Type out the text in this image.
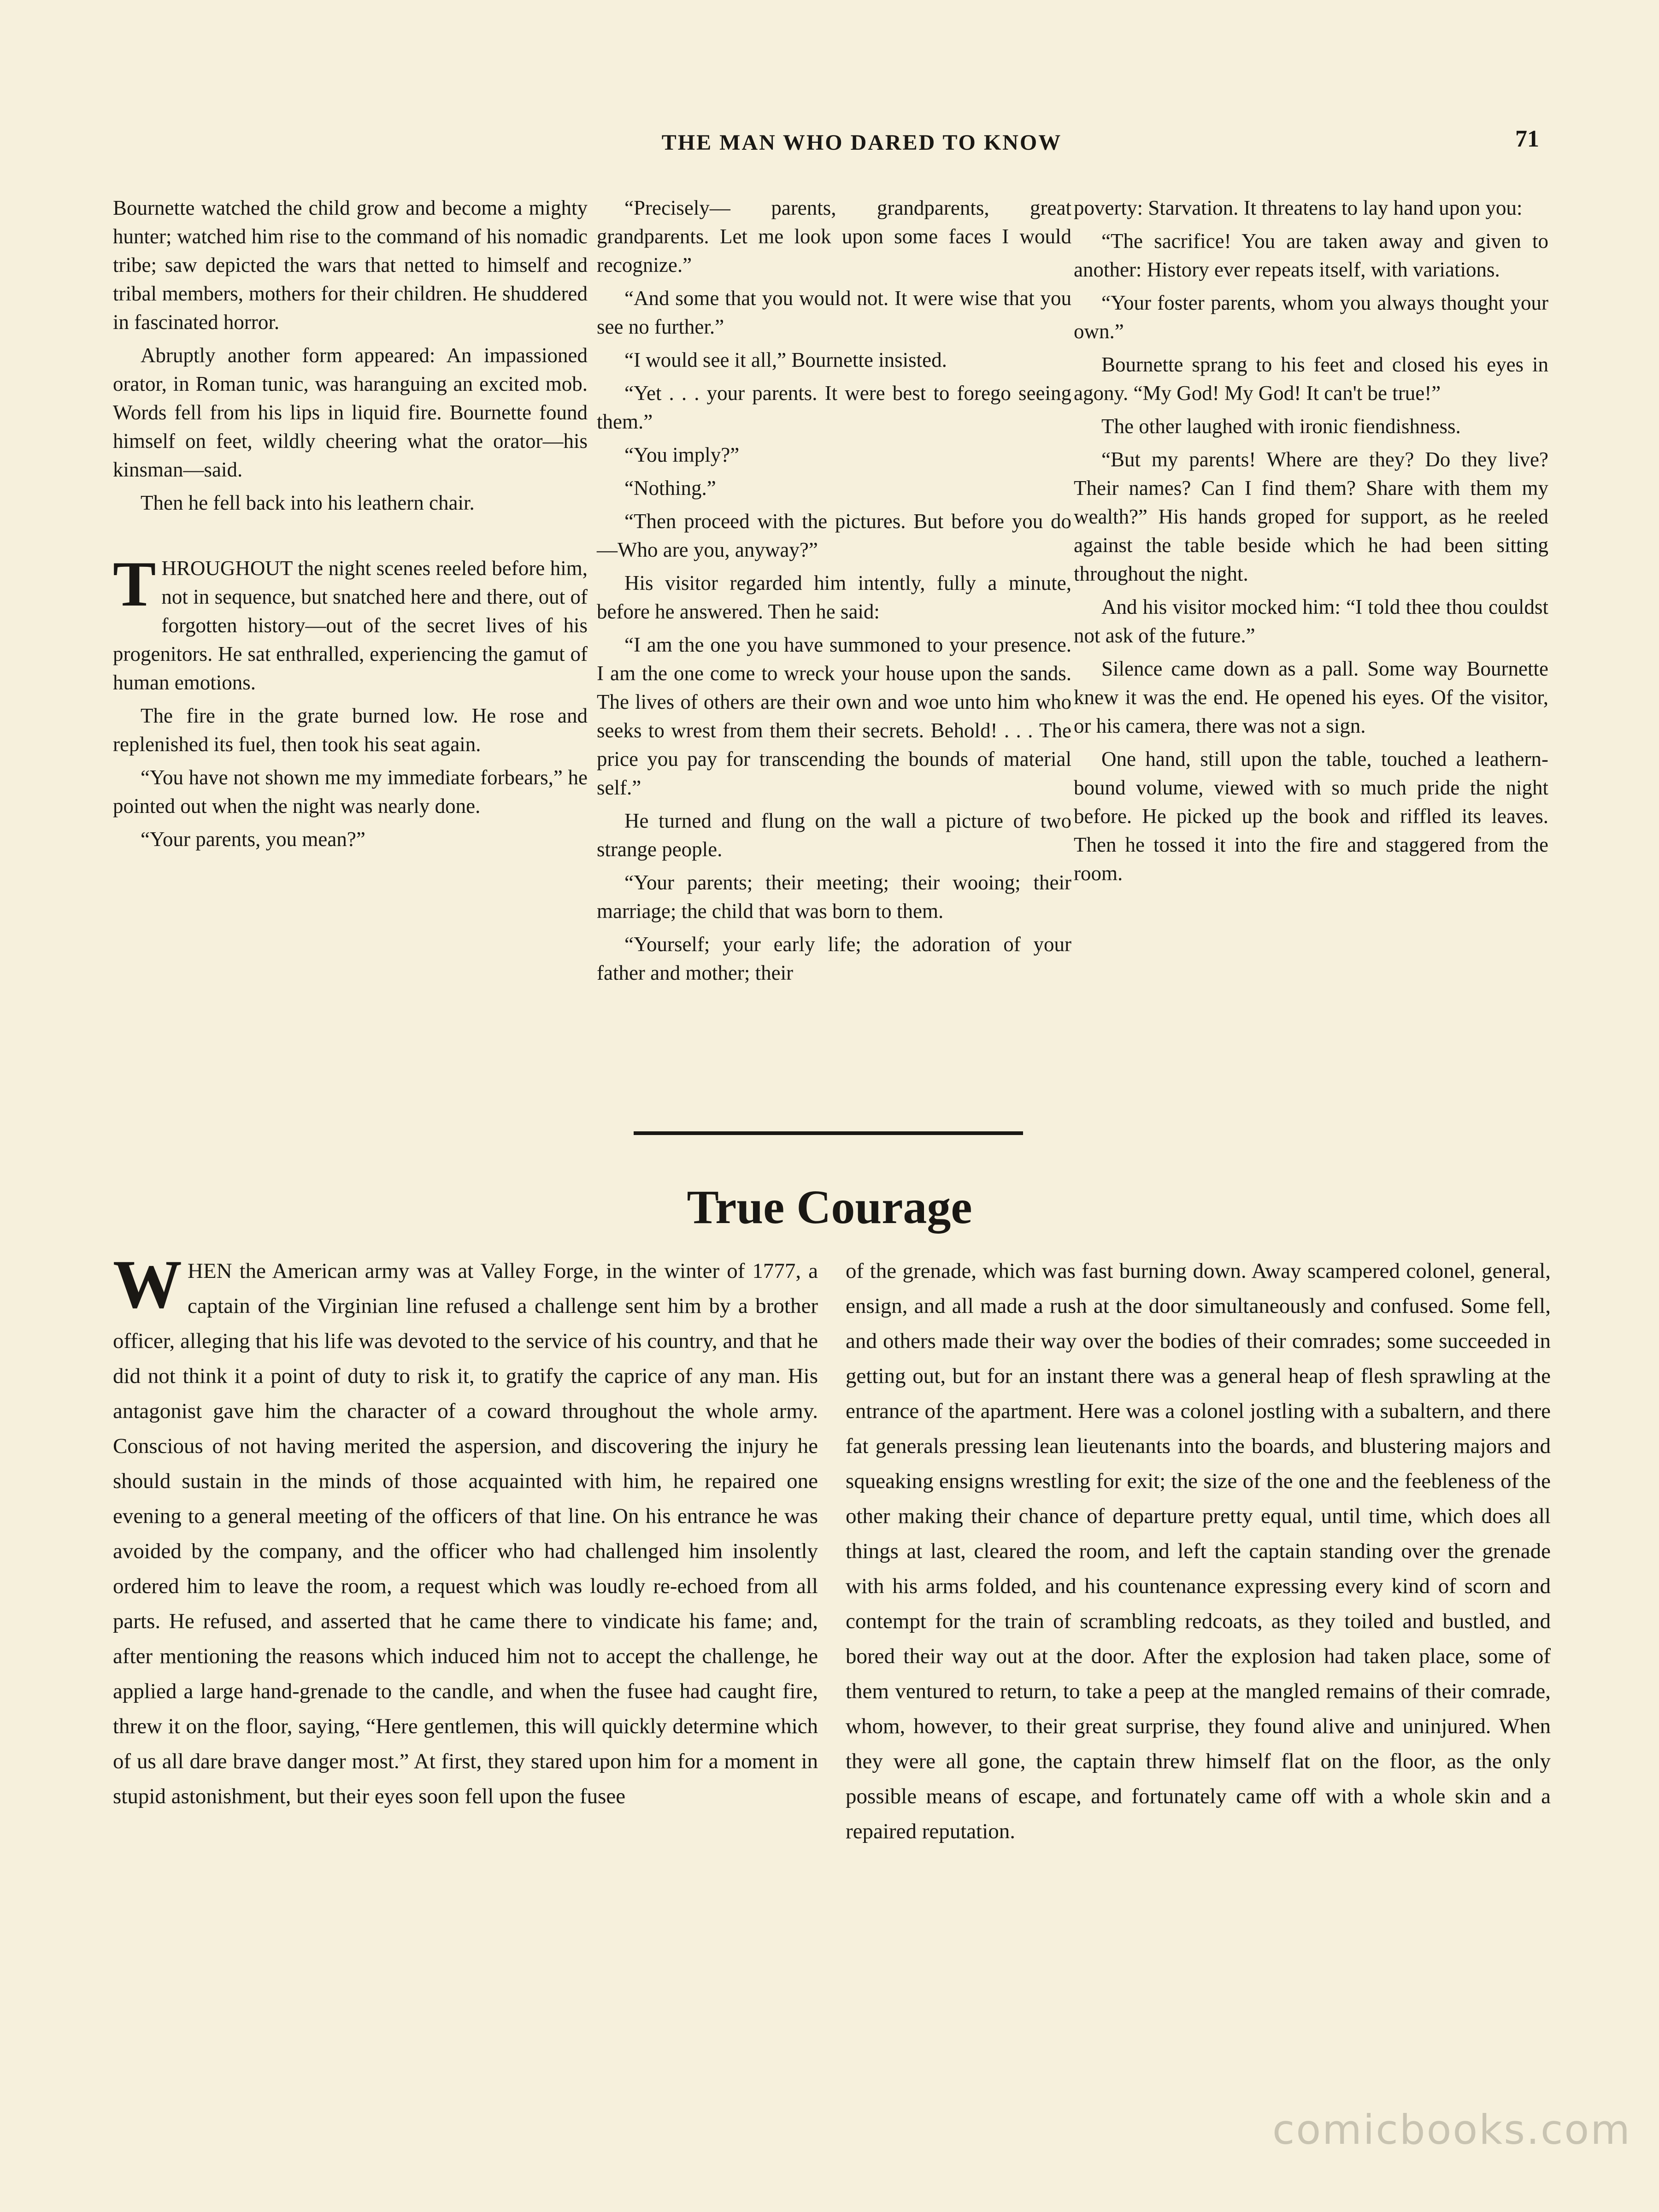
THE MAN WHO DARED TO KNOW	71

Bournette watched the child grow and become a mighty hunter; watched him rise to the command of his nomadic tribe; saw depicted the wars that netted to himself and tribal members, mothers for their children. He shuddered in fascinated horror.

Abruptly another form appeared: An impassioned orator, in Roman tunic, was haranguing an excited mob. Words fell from his lips in liquid fire. Bournette found himself on feet, wildly cheering what the orator—his kinsman—said.

Then he fell back into his leathern chair.

THROUGHOUT the night scenes reeled before him, not in sequence, but snatched here and there, out of forgotten history—out of the secret lives of his progenitors. He sat enthralled, experiencing the gamut of human emotions.

The fire in the grate burned low. He rose and replenished its fuel, then took his seat again.

“You have not shown me my immediate forbears,” he pointed out when the night was nearly done.

“Your parents, you mean?”

“Precisely— parents, grandparents, great grandparents. Let me look upon some faces I would recognize.”

“And some that you would not. It were wise that you see no further.”

“I would see it all,” Bournette insisted.

“Yet . . . your parents. It were best to forego seeing them.”

“You imply?”

“Nothing.”

“Then proceed with the pictures. But before you do—Who are you, anyway?”

His visitor regarded him intently, fully a minute, before he answered. Then he said:

“I am the one you have summoned to your presence. I am the one come to wreck your house upon the sands. The lives of others are their own and woe unto him who seeks to wrest from them their secrets. Behold! . . . The price you pay for transcending the bounds of material self.”

He turned and flung on the wall a picture of two strange people.

“Your parents; their meeting; their wooing; their marriage; the child that was born to them.

“Yourself; your early life; the adoration of your father and mother; their

poverty: Starvation. It threatens to lay hand upon you:

“The sacrifice! You are taken away and given to another: History ever repeats itself, with variations.

“Your foster parents, whom you always thought your own.”

Bournette sprang to his feet and closed his eyes in agony. “My God! My God! It can't be true!”

The other laughed with ironic fiendishness.

“But my parents! Where are they? Do they live? Their names? Can I find them? Share with them my wealth?” His hands groped for support, as he reeled against the table beside which he had been sitting throughout the night.

And his visitor mocked him: “I told thee thou couldst not ask of the future.”

Silence came down as a pall. Some way Bournette knew it was the end. He opened his eyes. Of the visitor, or his camera, there was not a sign.

One hand, still upon the table, touched a leathern-bound volume, viewed with so much pride the night before. He picked up the book and riffled its leaves. Then he tossed it into the fire and staggered from the room.

True Courage

WHEN the American army was at Valley Forge, in the winter of 1777, a captain of the Virginian line refused a challenge sent him by a brother officer, alleging that his life was devoted to the service of his country, and that he did not think it a point of duty to risk it, to gratify the caprice of any man. His antagonist gave him the character of a coward throughout the whole army. Conscious of not having merited the aspersion, and discovering the injury he should sustain in the minds of those acquainted with him, he repaired one evening to a general meeting of the officers of that line. On his entrance he was avoided by the company, and the officer who had challenged him insolently ordered him to leave the room, a request which was loudly re-echoed from all parts. He refused, and asserted that he came there to vindicate his fame; and, after mentioning the reasons which induced him not to accept the challenge, he applied a large hand-grenade to the candle, and when the fusee had caught fire, threw it on the floor, saying, “Here gentlemen, this will quickly determine which of us all dare brave danger most.” At first, they stared upon him for a moment in stupid astonishment, but their eyes soon fell upon the fusee

of the grenade, which was fast burning down. Away scampered colonel, general, ensign, and all made a rush at the door simultaneously and confused. Some fell, and others made their way over the bodies of their comrades; some succeeded in getting out, but for an instant there was a general heap of flesh sprawling at the entrance of the apartment. Here was a colonel jostling with a subaltern, and there fat generals pressing lean lieutenants into the boards, and blustering majors and squeaking ensigns wrestling for exit; the size of the one and the feebleness of the other making their chance of departure pretty equal, until time, which does all things at last, cleared the room, and left the captain standing over the grenade with his arms folded, and his countenance expressing every kind of scorn and contempt for the train of scrambling redcoats, as they toiled and bustled, and bored their way out at the door. After the explosion had taken place, some of them ventured to return, to take a peep at the mangled remains of their comrade, whom, however, to their great surprise, they found alive and uninjured. When they were all gone, the captain threw himself flat on the floor, as the only possible means of escape, and fortunately came off with a whole skin and a repaired reputation.

comicbooks.com
